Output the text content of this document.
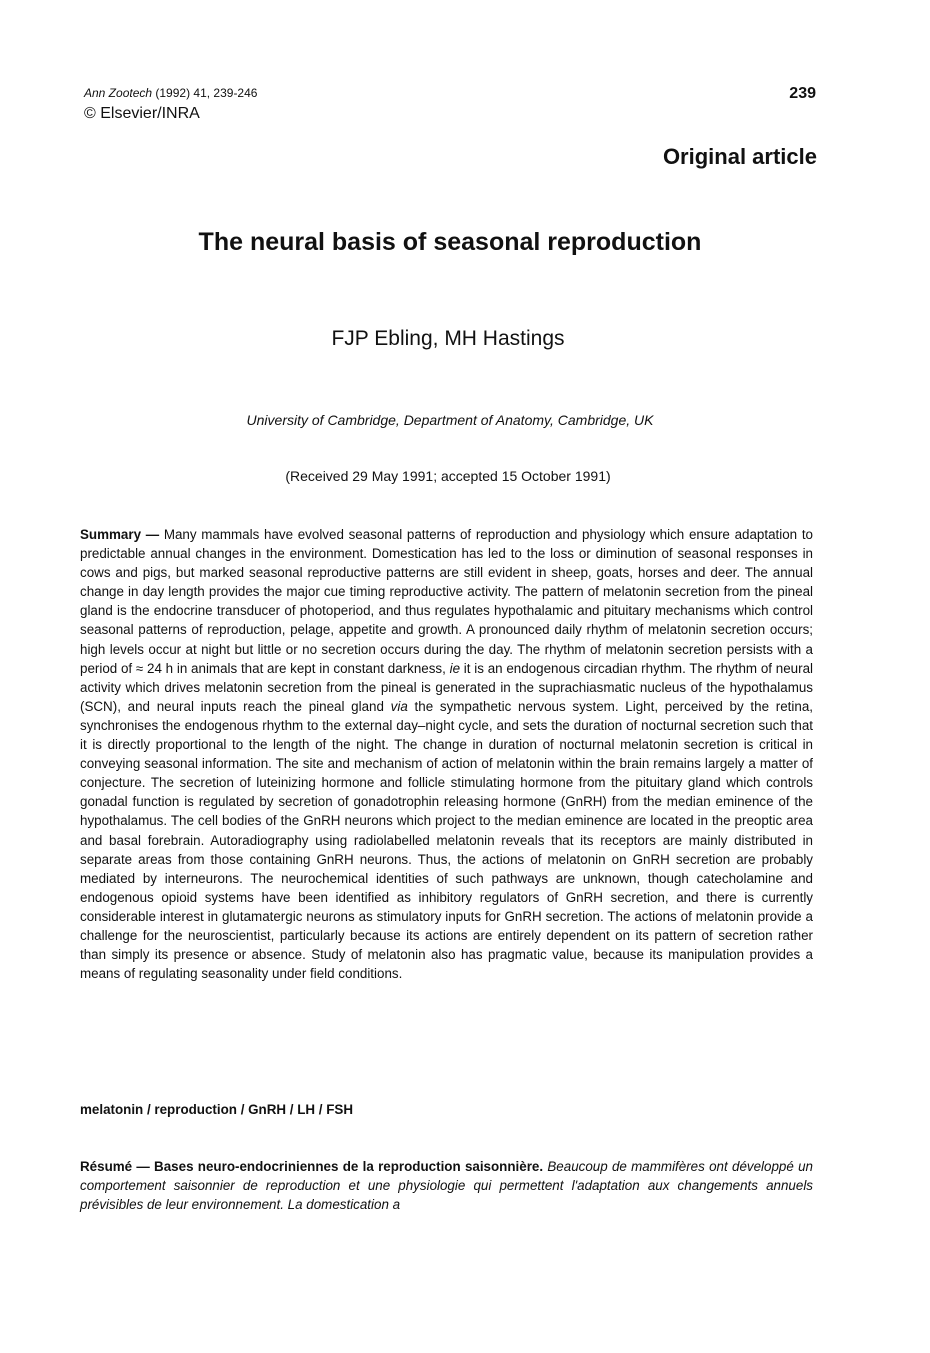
Ann Zootech (1992) 41, 239-246
© Elsevier/INRA
239
Original article
The neural basis of seasonal reproduction
FJP Ebling, MH Hastings
University of Cambridge, Department of Anatomy, Cambridge, UK
(Received 29 May 1991; accepted 15 October 1991)
Summary — Many mammals have evolved seasonal patterns of reproduction and physiology which ensure adaptation to predictable annual changes in the environment. Domestication has led to the loss or diminution of seasonal responses in cows and pigs, but marked seasonal reproductive patterns are still evident in sheep, goats, horses and deer. The annual change in day length provides the major cue timing reproductive activity. The pattern of melatonin secretion from the pineal gland is the endocrine transducer of photoperiod, and thus regulates hypothalamic and pituitary mechanisms which control seasonal patterns of reproduction, pelage, appetite and growth. A pronounced daily rhythm of melatonin secretion occurs; high levels occur at night but little or no secretion occurs during the day. The rhythm of melatonin secretion persists with a period of ≈ 24 h in animals that are kept in constant darkness, ie it is an endogenous circadian rhythm. The rhythm of neural activity which drives melatonin secretion from the pineal is generated in the suprachiasmatic nucleus of the hypothalamus (SCN), and neural inputs reach the pineal gland via the sympathetic nervous system. Light, perceived by the retina, synchronises the endogenous rhythm to the external day–night cycle, and sets the duration of nocturnal secretion such that it is directly proportional to the length of the night. The change in duration of nocturnal melatonin secretion is critical in conveying seasonal information. The site and mechanism of action of melatonin within the brain remains largely a matter of conjecture. The secretion of luteinizing hormone and follicle stimulating hormone from the pituitary gland which controls gonadal function is regulated by secretion of gonadotrophin releasing hormone (GnRH) from the median eminence of the hypothalamus. The cell bodies of the GnRH neurons which project to the median eminence are located in the preoptic area and basal forebrain. Autoradiography using radiolabelled melatonin reveals that its receptors are mainly distributed in separate areas from those containing GnRH neurons. Thus, the actions of melatonin on GnRH secretion are probably mediated by interneurons. The neurochemical identities of such pathways are unknown, though catecholamine and endogenous opioid systems have been identified as inhibitory regulators of GnRH secretion, and there is currently considerable interest in glutamatergic neurons as stimulatory inputs for GnRH secretion. The actions of melatonin provide a challenge for the neuroscientist, particularly because its actions are entirely dependent on its pattern of secretion rather than simply its presence or absence. Study of melatonin also has pragmatic value, because its manipulation provides a means of regulating seasonality under field conditions.
melatonin / reproduction / GnRH / LH / FSH
Résumé — Bases neuro-endocriniennes de la reproduction saisonnière. Beaucoup de mammifères ont développé un comportement saisonnier de reproduction et une physiologie qui permettent l'adaptation aux changements annuels prévisibles de leur environnement. La domestication a
